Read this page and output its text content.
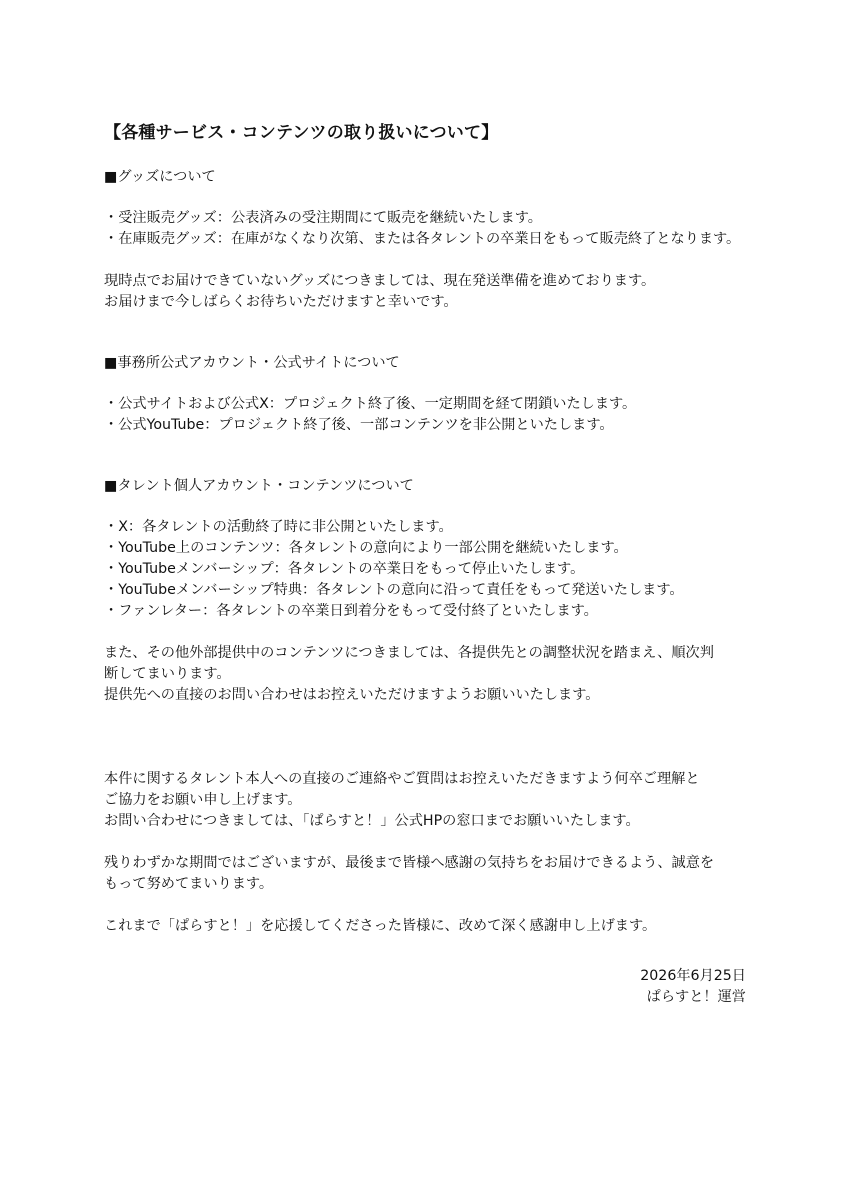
【各種サービス・コンテンツの取り扱いについて】

■グッズについて

・受注販売グッズ：公表済みの受注期間にて販売を継続いたします。

・在庫販売グッズ：在庫がなくなり次第、または各タレントの卒業日をもって販売終了となります。

現時点でお届けできていないグッズにつきましては、現在発送準備を進めております。

お届けまで今しばらくお待ちいただけますと幸いです。

■事務所公式アカウント・公式サイトについて

・公式サイトおよび公式X：プロジェクト終了後、一定期間を経て閉鎖いたします。

・公式YouTube：プロジェクト終了後、一部コンテンツを非公開といたします。

■タレント個人アカウント・コンテンツについて

・X：各タレントの活動終了時に非公開といたします。

・YouTube上のコンテンツ：各タレントの意向により一部公開を継続いたします。

・YouTubeメンバーシップ：各タレントの卒業日をもって停止いたします。

・YouTubeメンバーシップ特典：各タレントの意向に沿って責任をもって発送いたします。

・ファンレター：各タレントの卒業日到着分をもって受付終了といたします。

また、その他外部提供中のコンテンツにつきましては、各提供先との調整状況を踏まえ、順次判

断してまいります。

提供先への直接のお問い合わせはお控えいただけますようお願いいたします。

本件に関するタレント本人への直接のご連絡やご質問はお控えいただきますよう何卒ご理解と

ご協力をお願い申し上げます。

お問い合わせにつきましては、「ぱらすと！」公式HPの窓口までお願いいたします。

残りわずかな期間ではございますが、最後まで皆様へ感謝の気持ちをお届けできるよう、誠意を

もって努めてまいります。

これまで「ぱらすと！」を応援してくださった皆様に、改めて深く感謝申し上げます。

2026年6月25日

ぱらすと！運営
